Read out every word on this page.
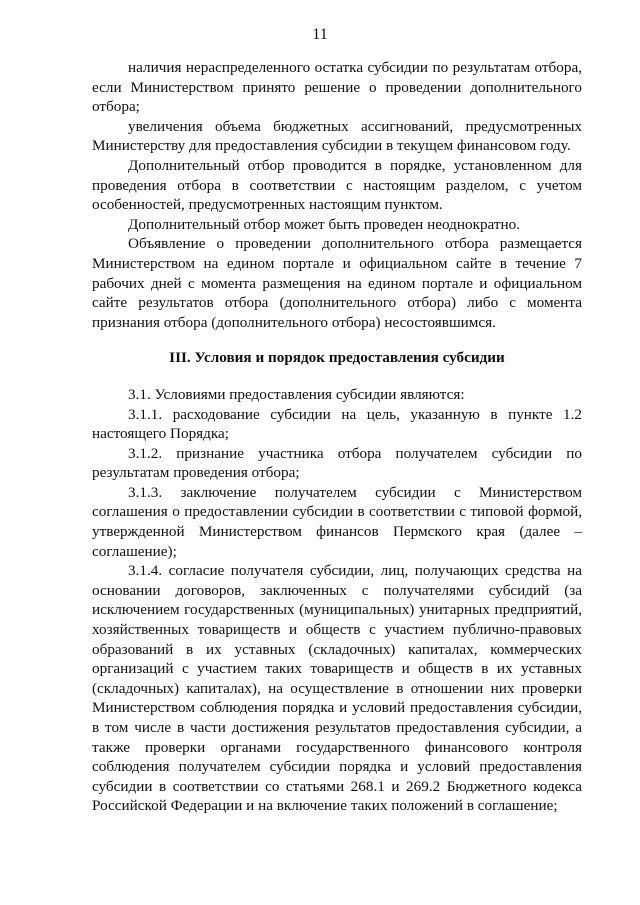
11

наличия нераспределенного остатка субсидии по результатам отбора, если Министерством принято решение о проведении дополнительного отбора;

увеличения объема бюджетных ассигнований, предусмотренных Министерству для предоставления субсидии в текущем финансовом году.

Дополнительный отбор проводится в порядке, установленном для проведения отбора в соответствии с настоящим разделом, с учетом особенностей, предусмотренных настоящим пунктом.

Дополнительный отбор может быть проведен неоднократно.

Объявление о проведении дополнительного отбора размещается Министерством на едином портале и официальном сайте в течение 7 рабочих дней с момента размещения на едином портале и официальном сайте результатов отбора (дополнительного отбора) либо с момента признания отбора (дополнительного отбора) несостоявшимся.

III. Условия и порядок предоставления субсидии

3.1. Условиями предоставления субсидии являются:

3.1.1. расходование субсидии на цель, указанную в пункте 1.2 настоящего Порядка;

3.1.2. признание участника отбора получателем субсидии по результатам проведения отбора;

3.1.3. заключение получателем субсидии с Министерством соглашения о предоставлении субсидии в соответствии с типовой формой, утвержденной Министерством финансов Пермского края (далее – соглашение);

3.1.4. согласие получателя субсидии, лиц, получающих средства на основании договоров, заключенных с получателями субсидий (за исключением государственных (муниципальных) унитарных предприятий, хозяйственных товариществ и обществ с участием публично-правовых образований в их уставных (складочных) капиталах, коммерческих организаций с участием таких товариществ и обществ в их уставных (складочных) капиталах), на осуществление в отношении них проверки Министерством соблюдения порядка и условий предоставления субсидии, в том числе в части достижения результатов предоставления субсидии, а также проверки органами государственного финансового контроля соблюдения получателем субсидии порядка и условий предоставления субсидии в соответствии со статьями 268.1 и 269.2 Бюджетного кодекса Российской Федерации и на включение таких положений в соглашение;
